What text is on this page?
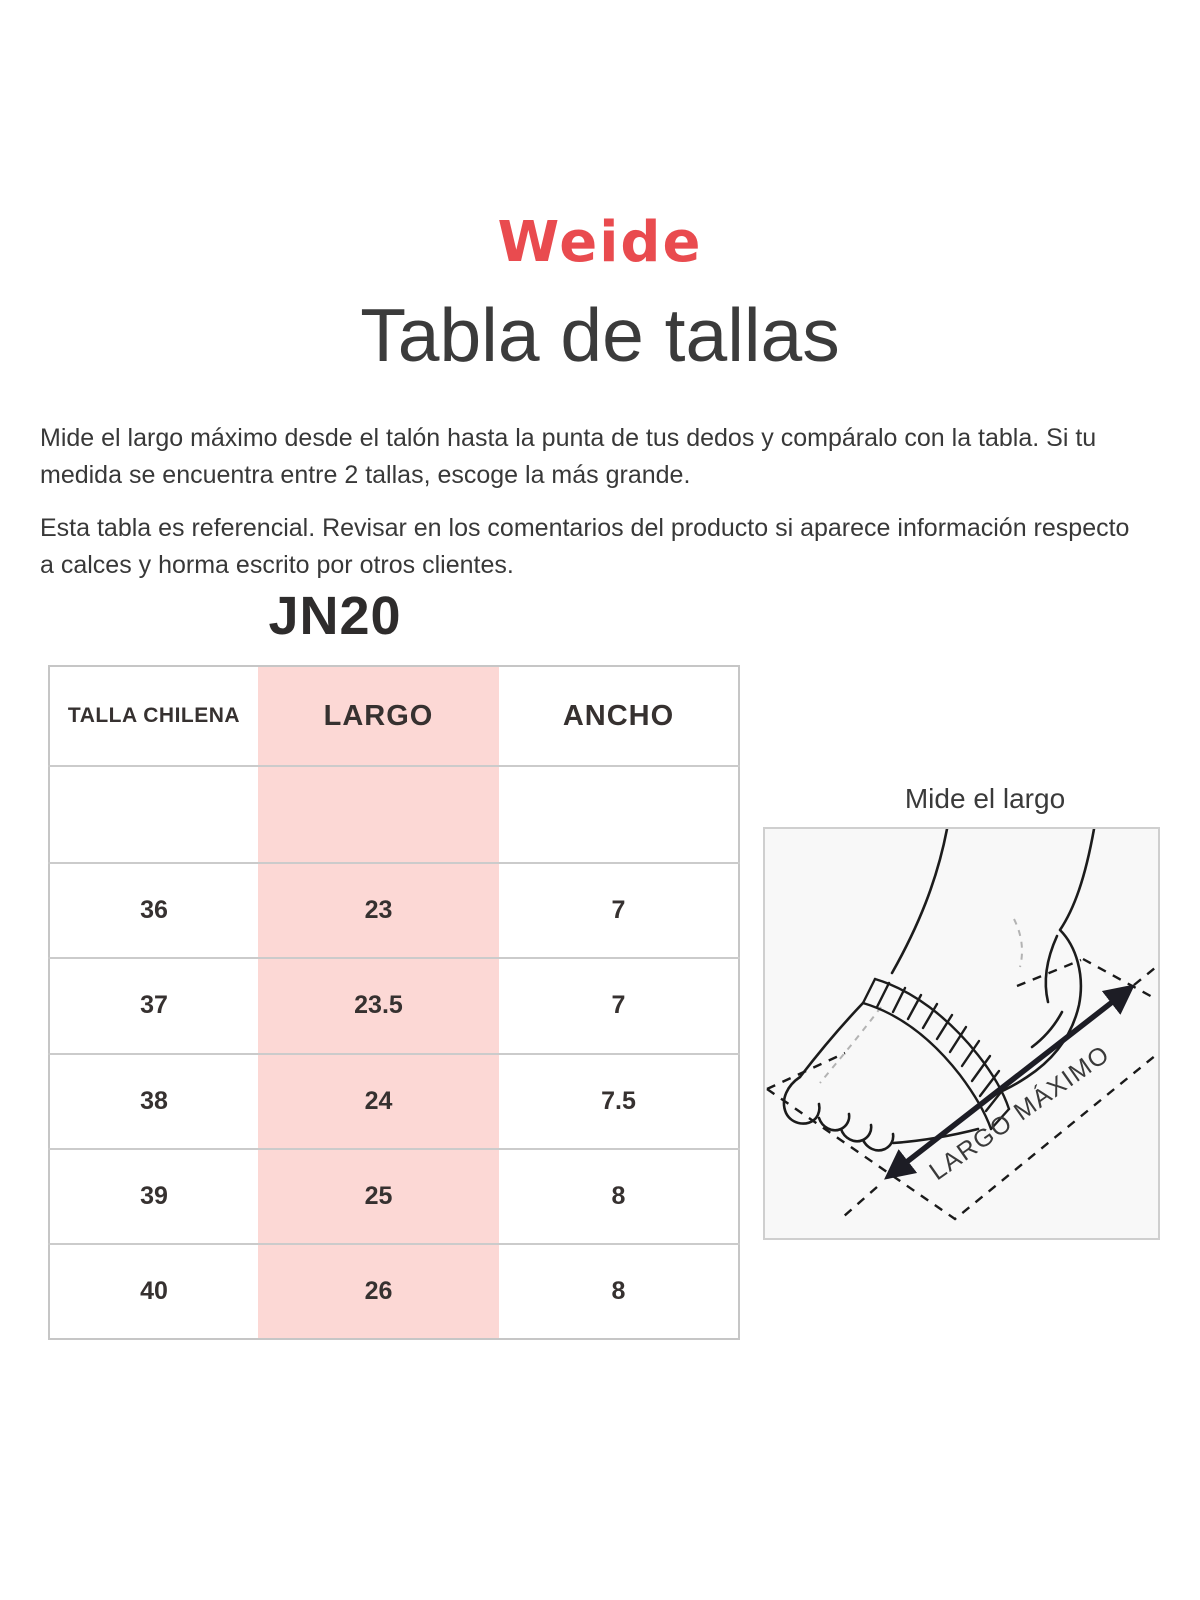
Weide
Tabla de tallas
Mide el largo máximo desde el talón hasta la punta de tus dedos y compáralo con la tabla. Si tu
medida se encuentra entre 2 tallas, escoge la más grande.
Esta tabla es referencial. Revisar en los comentarios del producto si aparece información respecto
a calces y horma escrito por otros clientes.
JN20
TALLA CHILENA	LARGO	ANCHO

36	23	7
37	23.5	7
38	24	7.5
39	25	8
40	26	8
Mide el largo
LARGO MÁXIMO
